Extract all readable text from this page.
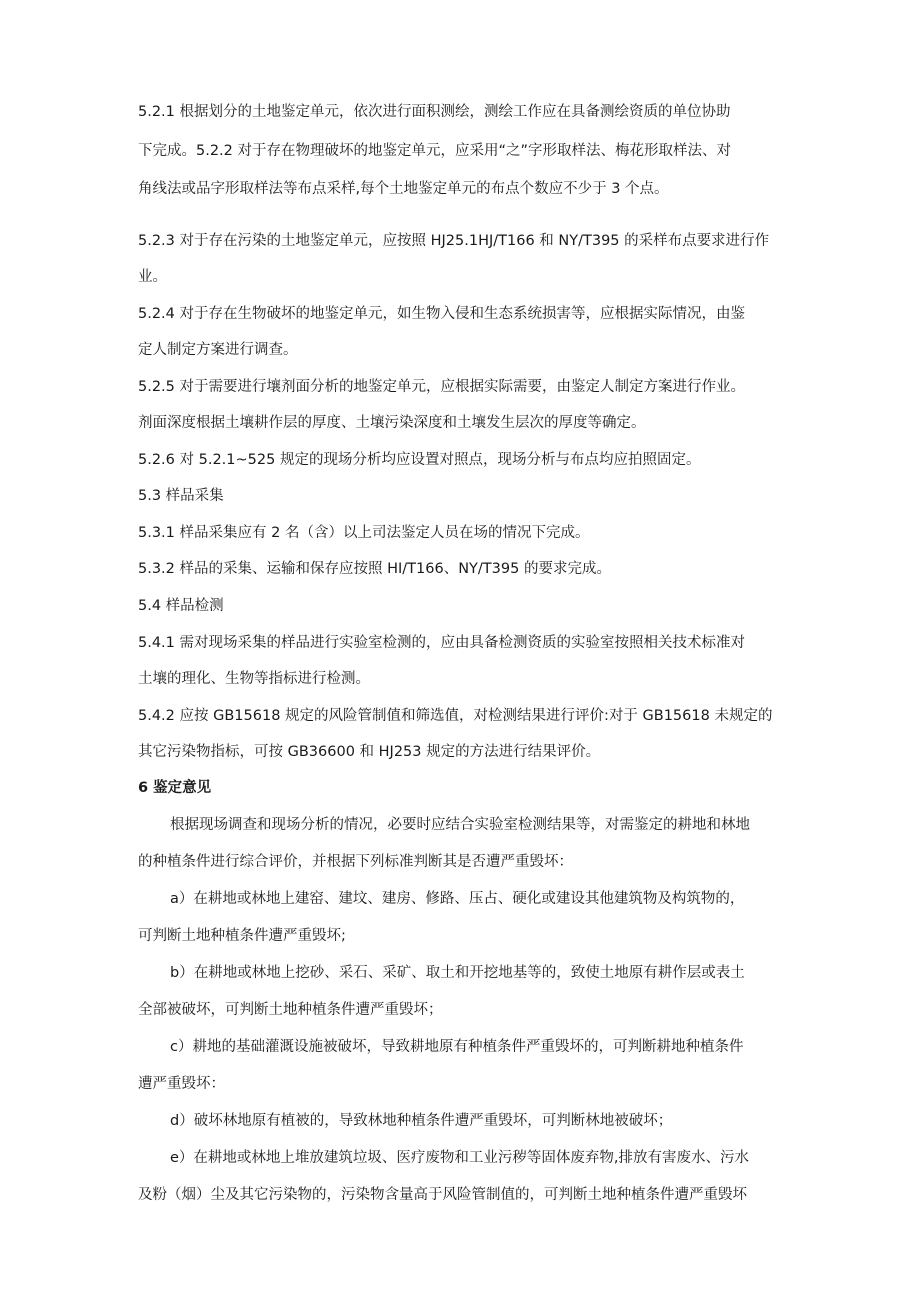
5.2.1 根据划分的土地鉴定单元，依次进行面积测绘，测绘工作应在具备测绘资质的单位协助
下完成。5.2.2 对于存在物理破坏的地鉴定单元，应采用“之”字形取样法、梅花形取样法、对
角线法或品字形取样法等布点采样,每个土地鉴定单元的布点个数应不少于 3 个点。
5.2.3 对于存在污染的土地鉴定单元，应按照 HJ25.1HJ/T166 和 NY/T395 的采样布点要求进行作
业。
5.2.4 对于存在生物破坏的地鉴定单元，如生物入侵和生态系统损害等，应根据实际情况，由鉴
定人制定方案进行调查。
5.2.5 对于需要进行壤剂面分析的地鉴定单元，应根据实际需要，由鉴定人制定方案进行作业。
剂面深度根据土壤耕作层的厚度、土壤污染深度和土壤发生层次的厚度等确定。
5.2.6 对 5.2.1~525 规定的现场分析均应设置对照点，现场分析与布点均应拍照固定。
5.3 样品采集
5.3.1 样品采集应有 2 名（含）以上司法鉴定人员在场的情况下完成。
5.3.2 样品的采集、运输和保存应按照 HI/T166、NY/T395 的要求完成。
5.4 样品检测
5.4.1 需对现场采集的样品进行实验室检测的，应由具备检测资质的实验室按照相关技术标准对
土壤的理化、生物等指标进行检测。
5.4.2 应按 GB15618 规定的风险管制值和筛选值，对检测结果进行评价:对于 GB15618 未规定的
其它污染物指标，可按 GB36600 和 HJ253 规定的方法进行结果评价。
6 鉴定意见
根据现场调查和现场分析的情况，必要时应结合实验室检测结果等，对需鉴定的耕地和林地
的种植条件进行综合评价，并根据下列标准判断其是否遭严重毁坏：
a）在耕地或林地上建窑、建坟、建房、修路、压占、硬化或建设其他建筑物及构筑物的，
可判断土地种植条件遭严重毁坏;
b）在耕地或林地上挖砂、采石、采矿、取土和开挖地基等的，致使土地原有耕作层或表土
全部被破坏，可判断土地种植条件遭严重毁坏；
c）耕地的基础灌溉设施被破坏，导致耕地原有种植条件严重毁坏的，可判断耕地种植条件
遭严重毁坏：
d）破坏林地原有植被的，导致林地种植条件遭严重毁坏，可判断林地被破坏；
e）在耕地或林地上堆放建筑垃圾、医疗废物和工业污秽等固体废弃物,排放有害废水、污水
及粉（烟）尘及其它污染物的，污染物含量高于风险管制值的，可判断土地种植条件遭严重毁坏
